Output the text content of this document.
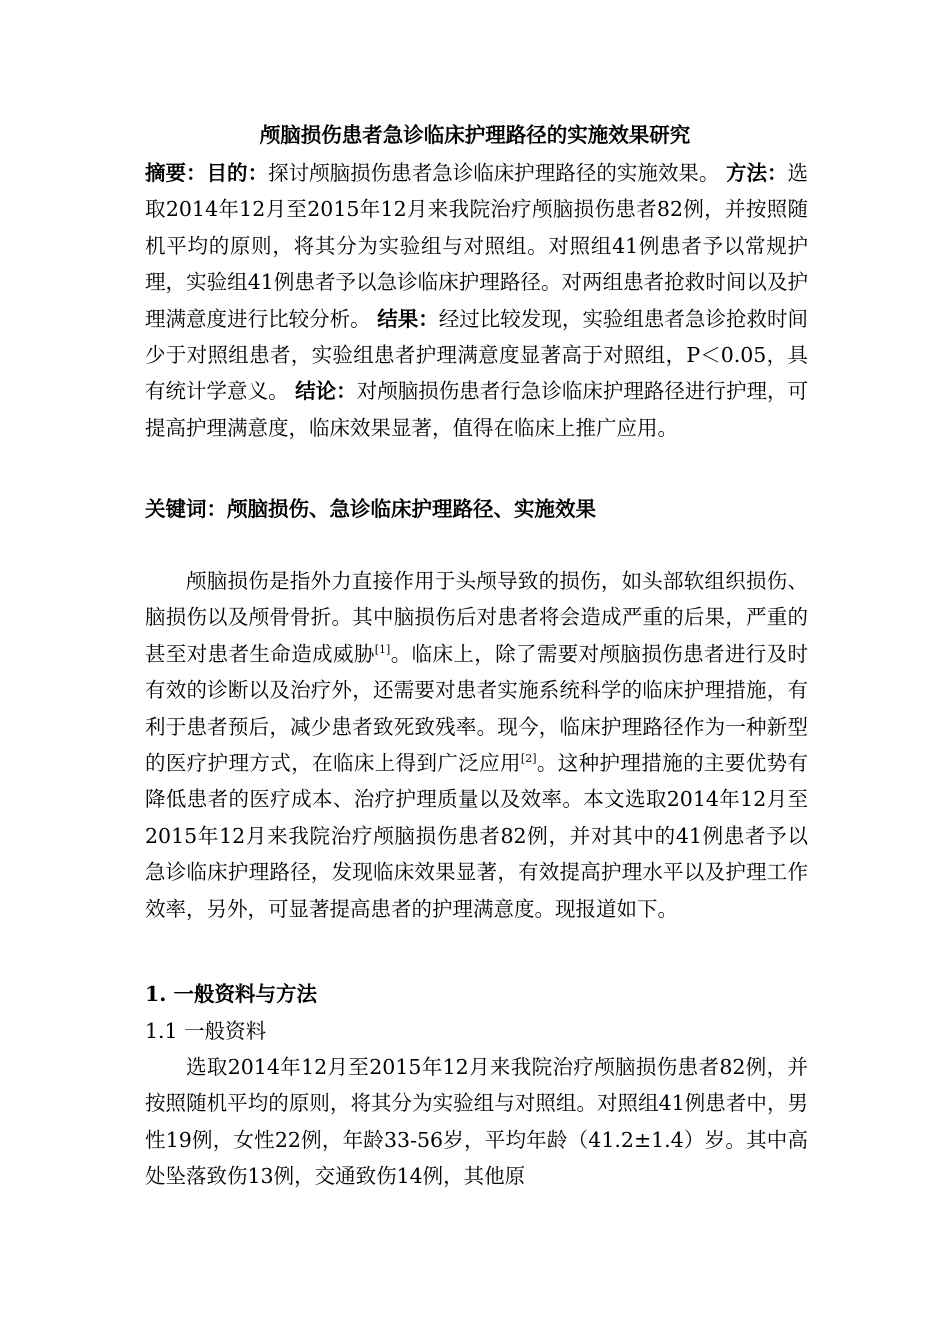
颅脑损伤患者急诊临床护理路径的实施效果研究

摘要：目的：探讨颅脑损伤患者急诊临床护理路径的实施效果。 方法：选取2014年12月至2015年12月来我院治疗颅脑损伤患者82例，并按照随机平均的原则，将其分为实验组与对照组。对照组41例患者予以常规护理，实验组41例患者予以急诊临床护理路径。对两组患者抢救时间以及护理满意度进行比较分析。 结果：经过比较发现，实验组患者急诊抢救时间少于对照组患者，实验组患者护理满意度显著高于对照组，P＜0.05，具有统计学意义。 结论：对颅脑损伤患者行急诊临床护理路径进行护理，可提高护理满意度，临床效果显著，值得在临床上推广应用。

关键词：颅脑损伤、急诊临床护理路径、实施效果

颅脑损伤是指外力直接作用于头颅导致的损伤，如头部软组织损伤、脑损伤以及颅骨骨折。其中脑损伤后对患者将会造成严重的后果，严重的甚至对患者生命造成威胁[1]。临床上，除了需要对颅脑损伤患者进行及时有效的诊断以及治疗外，还需要对患者实施系统科学的临床护理措施，有利于患者预后，减少患者致死致残率。现今，临床护理路径作为一种新型的医疗护理方式，在临床上得到广泛应用[2]。这种护理措施的主要优势有降低患者的医疗成本、治疗护理质量以及效率。本文选取2014年12月至2015年12月来我院治疗颅脑损伤患者82例，并对其中的41例患者予以急诊临床护理路径，发现临床效果显著，有效提高护理水平以及护理工作效率，另外，可显著提高患者的护理满意度。现报道如下。

1. 一般资料与方法
1.1 一般资料

选取2014年12月至2015年12月来我院治疗颅脑损伤患者82例，并按照随机平均的原则，将其分为实验组与对照组。对照组41例患者中，男性19例，女性22例，年龄33-56岁，平均年龄（41.2±1.4）岁。其中高处坠落致伤13例，交通致伤14例，其他原
